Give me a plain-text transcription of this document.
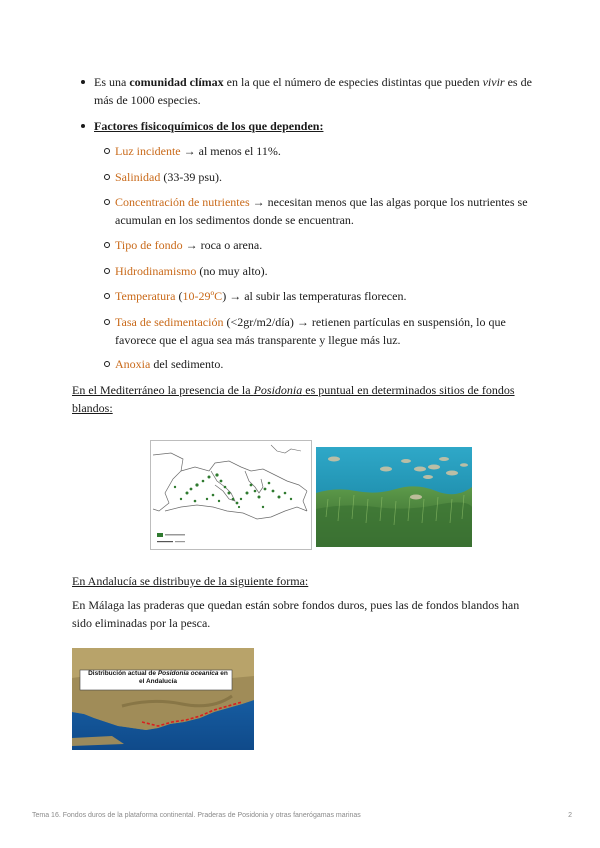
Es una comunidad clímax en la que el número de especies distintas que pueden vivir es de más de 1000 especies.
Factores fisicoquímicos de los que dependen:
Luz incidente → al menos el 11%.
Salinidad (33-39 psu).
Concentración de nutrientes → necesitan menos que las algas porque los nutrientes se acumulan en los sedimentos donde se encuentran.
Tipo de fondo → roca o arena.
Hidrodinamismo (no muy alto).
Temperatura (10-29ºC) → al subir las temperaturas florecen.
Tasa de sedimentación (<2gr/m2/día) → retienen partículas en suspensión, lo que favorece que el agua sea más transparente y llegue más luz.
Anoxia del sedimento.
En el Mediterráneo la presencia de la Posidonia es puntual en determinados sitios de fondos blandos:
En Andalucía se distribuye de la siguiente forma:
En Málaga las praderas que quedan están sobre fondos duros, pues las de fondos blandos han sido eliminadas por la pesca.
Distribución actual de Posidonia oceanica en
el Andalucía
Tema 16. Fondos duros de la plataforma continental. Praderas de Posidonia y otras fanerógamas marinas	2
